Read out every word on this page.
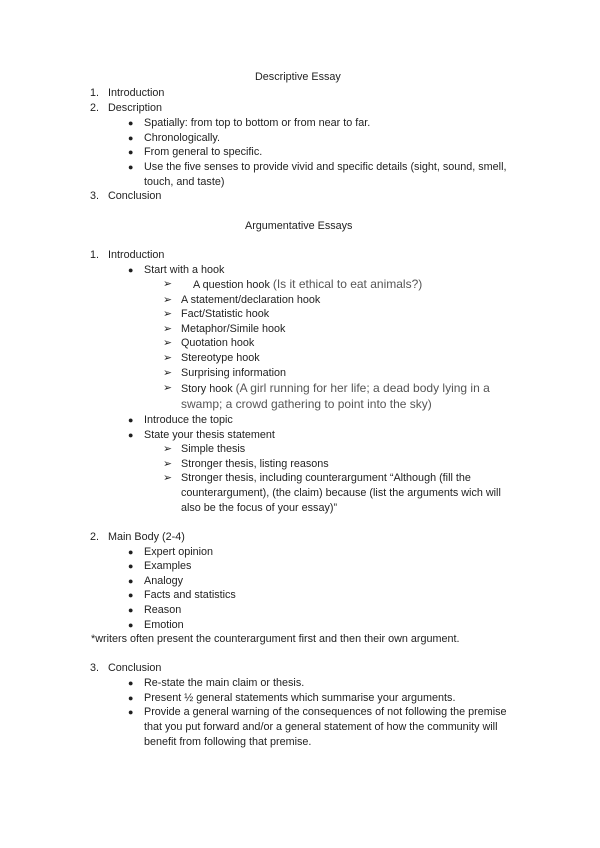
Descriptive Essay
1. Introduction
2. Description
● Spatially: from top to bottom or from near to far.
● Chronologically.
● From general to specific.
● Use the five senses to provide vivid and specific details (sight, sound, smell,
touch, and taste)
3. Conclusion
Argumentative Essays
1. Introduction
● Start with a hook
➢ A question hook (Is it ethical to eat animals?)
➢ A statement/declaration hook
➢ Fact/Statistic hook
➢ Metaphor/Simile hook
➢ Quotation hook
➢ Stereotype hook
➢ Surprising information
➢ Story hook (A girl running for her life; a dead body lying in a
swamp; a crowd gathering to point into the sky)
● Introduce the topic
● State your thesis statement
➢ Simple thesis
➢ Stronger thesis, listing reasons
➢ Stronger thesis, including counterargument “Although (fill the
counterargument), (the claim) because (list the arguments wich will
also be the focus of your essay)”
2. Main Body (2-4)
● Expert opinion
● Examples
● Analogy
● Facts and statistics
● Reason
● Emotion
*writers often present the counterargument first and then their own argument.
3. Conclusion
● Re-state the main claim or thesis.
● Present ½ general statements which summarise your arguments.
● Provide a general warning of the consequences of not following the premise
that you put forward and/or a general statement of how the community will
benefit from following that premise.
